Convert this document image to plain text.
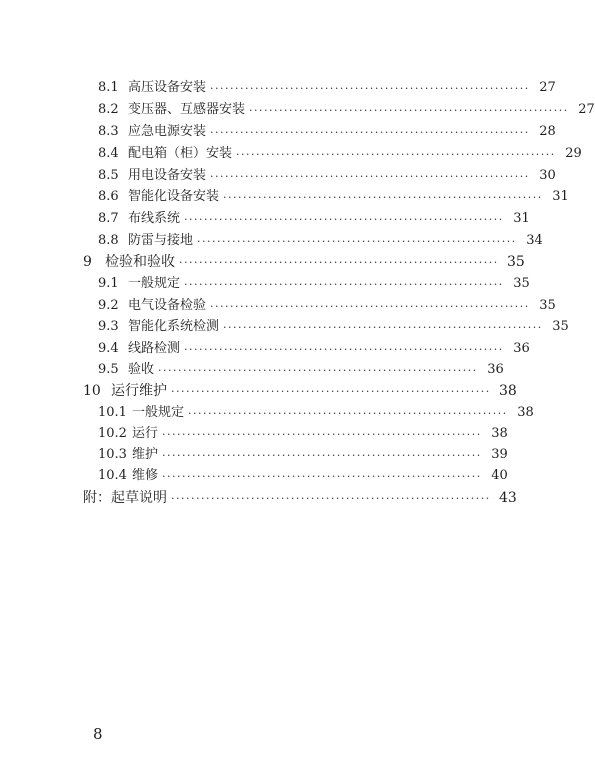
8.1 高压设备安装 ································································ 27
8.2 变压器、互感器安装 ································································ 27
8.3 应急电源安装 ································································ 28
8.4 配电箱（柜）安装 ································································ 29
8.5 用电设备安装 ································································ 30
8.6 智能化设备安装 ································································ 31
8.7 布线系统 ································································ 31
8.8 防雷与接地 ································································ 34
9 检验和验收 ································································ 35
9.1 一般规定 ································································ 35
9.2 电气设备检验 ································································ 35
9.3 智能化系统检测 ································································ 35
9.4 线路检测 ································································ 36
9.5 验收 ································································ 36
10 运行维护 ································································ 38
10.1 一般规定 ································································ 38
10.2 运行 ································································ 38
10.3 维护 ································································ 39
10.4 维修 ································································ 40
附：起草说明 ································································ 43
8
